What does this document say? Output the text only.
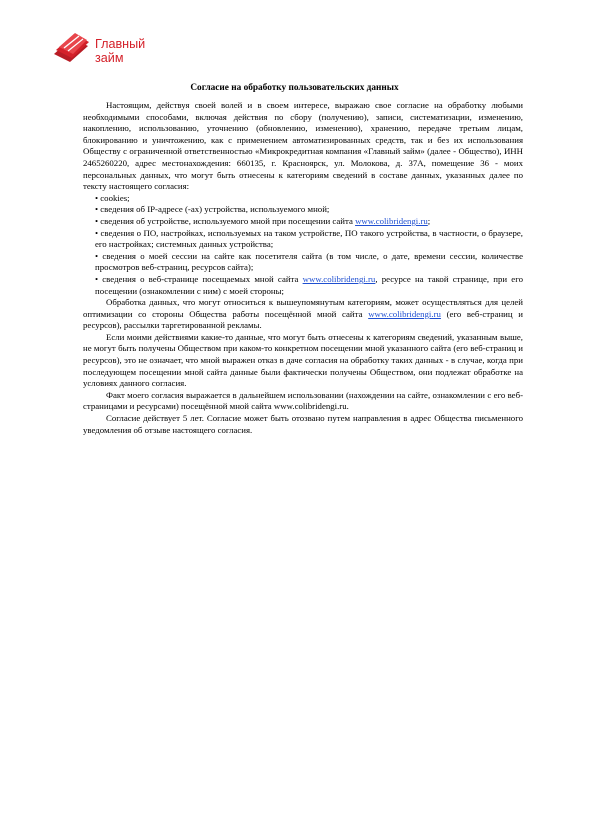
Главный
займ
Согласие на обработку пользовательских данных

Настоящим, действуя своей волей и в своем интересе, выражаю свое согласие на обработку любыми необходимыми способами, включая действия по сбору (получению), записи, систематизации, изменению, накоплению, использованию, уточнению (обновлению, изменению), хранению, передаче третьим лицам, блокированию и уничтожению, как с применением автоматизированных средств, так и без их использования Обществу с ограниченной ответственностью «Микрокредитная компания «Главный займ» (далее - Общество), ИНН 2465260220, адрес местонахождения: 660135, г. Красноярск, ул. Молокова, д. 37А, помещение 36 - моих персональных данных, что могут быть отнесены к категориям сведений в составе данных, указанных далее по тексту настоящего согласия:

• cookies;

• сведения об IP-адресе (-ах) устройства, используемого мной;

• сведения об устройстве, используемого мной при посещении сайта www.colibridengi.ru;

• сведения о ПО, настройках, используемых на таком устройстве, ПО такого устройства, в частности, о браузере, его настройках; системных данных устройства;

• сведения о моей сессии на сайте как посетителя сайта (в том числе, о дате, времени сессии, количестве просмотров веб-страниц, ресурсов сайта);

• сведения о веб-странице посещаемых мной сайта www.colibridengi.ru, ресурсе на такой странице, при его посещении (ознакомлении с ним) с моей стороны;

Обработка данных, что могут относиться к вышеупомянутым категориям, может осуществляться для целей оптимизации со стороны Общества работы посещённой мной сайта www.colibridengi.ru (его веб-страниц и ресурсов), рассылки таргетированной рекламы.

Если моими действиями какие-то данные, что могут быть отнесены к категориям сведений, указанным выше, не могут быть получены Обществом при каком-то конкретном посещении мной указанного сайта (его веб-страниц и ресурсов), это не означает, что мной выражен отказ в даче согласия на обработку таких данных - в случае, когда при последующем посещении мной сайта данные были фактически получены Обществом, они подлежат обработке на условиях данного согласия.

Факт моего согласия выражается в дальнейшем использовании (нахождении на сайте, ознакомлении с его веб-страницами и ресурсами) посещённой мной сайта www.colibridengi.ru.

Согласие действует 5 лет. Согласие может быть отозвано путем направления в адрес Общества письменного уведомления об отзыве настоящего согласия.
